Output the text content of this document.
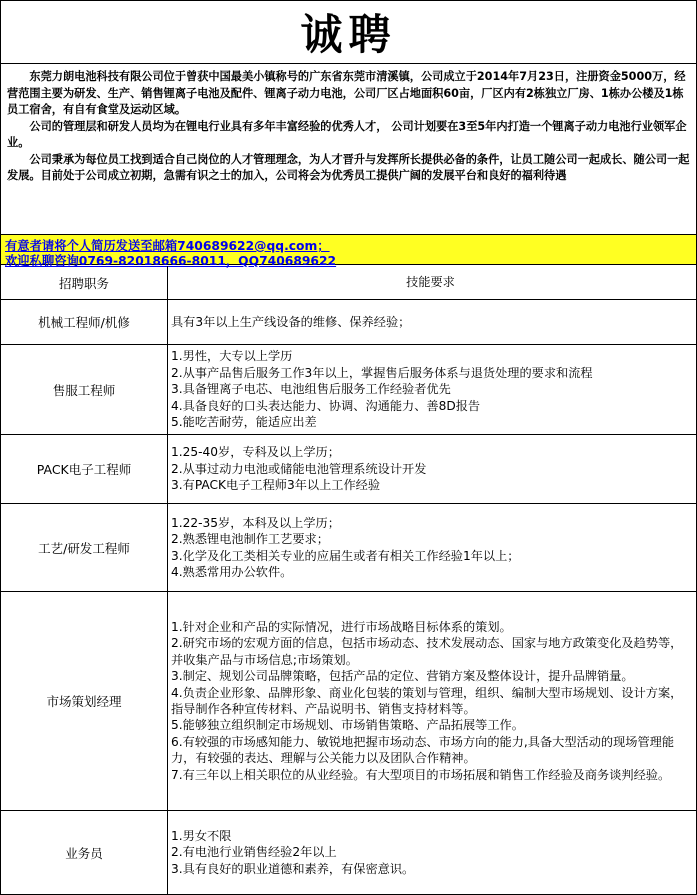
诚聘

东莞力朗电池科技有限公司位于曾获中国最美小镇称号的广东省东莞市清溪镇，公司成立于2014年7月23日，注册资金5000万，经营范围主要为研发、生产、销售锂离子电池及配件、锂离子动力电池，公司厂区占地面积60亩，厂区内有2栋独立厂房、1栋办公楼及1栋员工宿舍，有自有食堂及运动区域。

公司的管理层和研发人员均为在锂电行业具有多年丰富经验的优秀人才， 公司计划要在3至5年内打造一个锂离子动力电池行业领军企业。

公司秉承为每位员工找到适合自己岗位的人才管理理念，为人才晋升与发挥所长提供必备的条件，让员工随公司一起成长、随公司一起发展。目前处于公司成立初期，急需有识之士的加入，公司将会为优秀员工提供广阔的发展平台和良好的福利待遇

有意者请将个人简历发送至邮箱740689622@qq.com；
欢迎私聊咨询0769-82018666-8011，QQ740689622
招聘职务	技能要求
机械工程师/机修	具有3年以上生产线设备的维修、保养经验；
售服工程师
1.男性，大专以上学历
2.从事产品售后服务工作3年以上，掌握售后服务体系与退货处理的要求和流程
3.具备锂离子电芯、电池组售后服务工作经验者优先
4.具备良好的口头表达能力、协调、沟通能力、善8D报告
5.能吃苦耐劳，能适应出差
PACK电子工程师
1.25-40岁，专科及以上学历；
2.从事过动力电池或储能电池管理系统设计开发
3.有PACK电子工程师3年以上工作经验
工艺/研发工程师
1.22-35岁，本科及以上学历；
2.熟悉锂电池制作工艺要求；
3.化学及化工类相关专业的应届生或者有相关工作经验1年以上；
4.熟悉常用办公软件。
市场策划经理
1.针对企业和产品的实际情况，进行市场战略目标体系的策划。
2.研究市场的宏观方面的信息，包括市场动态、技术发展动态、国家与地方政策变化及趋势等，并收集产品与市场信息;市场策划。
3.制定、规划公司品牌策略，包括产品的定位、营销方案及整体设计，提升品牌销量。
4.负责企业形象、品牌形象、商业化包装的策划与管理，组织、编制大型市场规划、设计方案，指导制作各种宣传材料、产品说明书、销售支持材料等。
5.能够独立组织制定市场规划、市场销售策略、产品拓展等工作。
6.有较强的市场感知能力、敏锐地把握市场动态、市场方向的能力,具备大型活动的现场管理能力，有较强的表达、理解与公关能力以及团队合作精神。
7.有三年以上相关职位的从业经验。有大型项目的市场拓展和销售工作经验及商务谈判经验。
业务员
1.男女不限
2.有电池行业销售经验2年以上
3.具有良好的职业道德和素养，有保密意识。
